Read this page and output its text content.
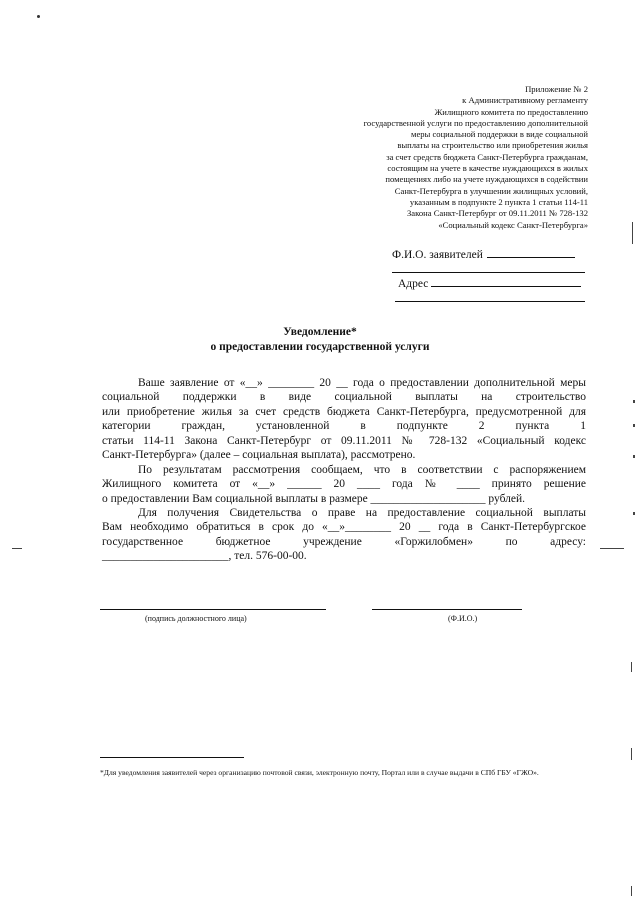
Приложение № 2
к Административному регламенту
Жилищного комитета по предоставлению
государственной услуги по предоставлению дополнительной
меры социальной поддержки в виде социальной
выплаты на строительство или приобретения жилья
за счет средств бюджета Санкт-Петербурга гражданам,
состоящим на учете в качестве нуждающихся в жилых
помещениях либо на учете нуждающихся в содействии
Санкт-Петербурга в улучшении жилищных условий,
указанным в подпункте 2 пункта 1 статьи 114-11
Закона Санкт-Петербург от 09.11.2011 № 728-132
«Социальный кодекс Санкт-Петербурга»
Ф.И.О. заявителей
Адрес
Уведомление*
о предоставлении государственной услуги
Ваше заявление от «__» ________ 20 __ года о предоставлении дополнительной меры
социальной поддержки в виде социальной выплаты на строительство
или приобретение жилья за счет средств бюджета Санкт-Петербурга, предусмотренной для
категории граждан, установленной в подпункте 2 пункта 1
статьи 114-11 Закона Санкт-Петербург от 09.11.2011 № 728-132 «Социальный кодекс
Санкт-Петербурга» (далее – социальная выплата), рассмотрено.
По результатам рассмотрения сообщаем, что в соответствии с распоряжением
Жилищного комитета от «__» ______ 20 ____ года № ____ принято решение
о предоставлении Вам социальной выплаты в размере ____________________ рублей.
Для получения Свидетельства о праве на предоставление социальной выплаты
Вам необходимо обратиться в срок до «__»________ 20 __ года в Санкт-Петербургское
государственное бюджетное учреждение «Горжилобмен» по адресу:
______________________, тел. 576-00-00.
(подпись должностного лица)	(Ф.И.О.)
*Для уведомления заявителей через организацию почтовой связи, электронную почту, Портал или в случае выдачи в СПб ГБУ «ГЖО».
